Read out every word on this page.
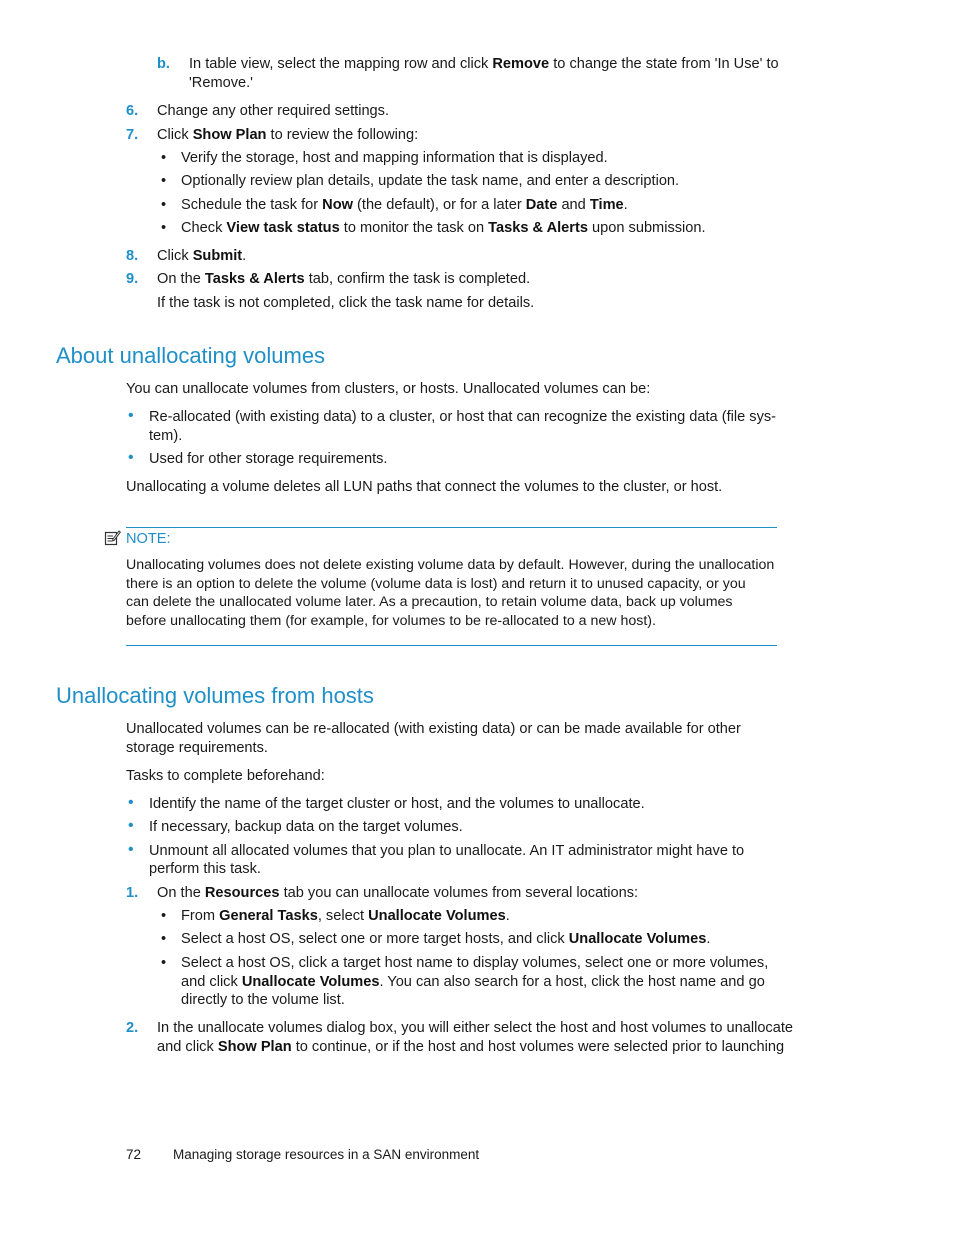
b. In table view, select the mapping row and click Remove to change the state from 'In Use' to
'Remove.'
6. Change any other required settings.
7. Click Show Plan to review the following:
• Verify the storage, host and mapping information that is displayed.
• Optionally review plan details, update the task name, and enter a description.
• Schedule the task for Now (the default), or for a later Date and Time.
• Check View task status to monitor the task on Tasks & Alerts upon submission.
8. Click Submit.
9. On the Tasks & Alerts tab, confirm the task is completed.
If the task is not completed, click the task name for details.
About unallocating volumes
You can unallocate volumes from clusters, or hosts. Unallocated volumes can be:
• Re-allocated (with existing data) to a cluster, or host that can recognize the existing data (file sys-
tem).
• Used for other storage requirements.
Unallocating a volume deletes all LUN paths that connect the volumes to the cluster, or host.
NOTE:
Unallocating volumes does not delete existing volume data by default. However, during the unallocation
there is an option to delete the volume (volume data is lost) and return it to unused capacity, or you
can delete the unallocated volume later. As a precaution, to retain volume data, back up volumes
before unallocating them (for example, for volumes to be re-allocated to a new host).
Unallocating volumes from hosts
Unallocated volumes can be re-allocated (with existing data) or can be made available for other
storage requirements.
Tasks to complete beforehand:
• Identify the name of the target cluster or host, and the volumes to unallocate.
• If necessary, backup data on the target volumes.
• Unmount all allocated volumes that you plan to unallocate. An IT administrator might have to
perform this task.
1. On the Resources tab you can unallocate volumes from several locations:
• From General Tasks, select Unallocate Volumes.
• Select a host OS, select one or more target hosts, and click Unallocate Volumes.
• Select a host OS, click a target host name to display volumes, select one or more volumes,
and click Unallocate Volumes. You can also search for a host, click the host name and go
directly to the volume list.
2. In the unallocate volumes dialog box, you will either select the host and host volumes to unallocate
and click Show Plan to continue, or if the host and host volumes were selected prior to launching
72 Managing storage resources in a SAN environment
